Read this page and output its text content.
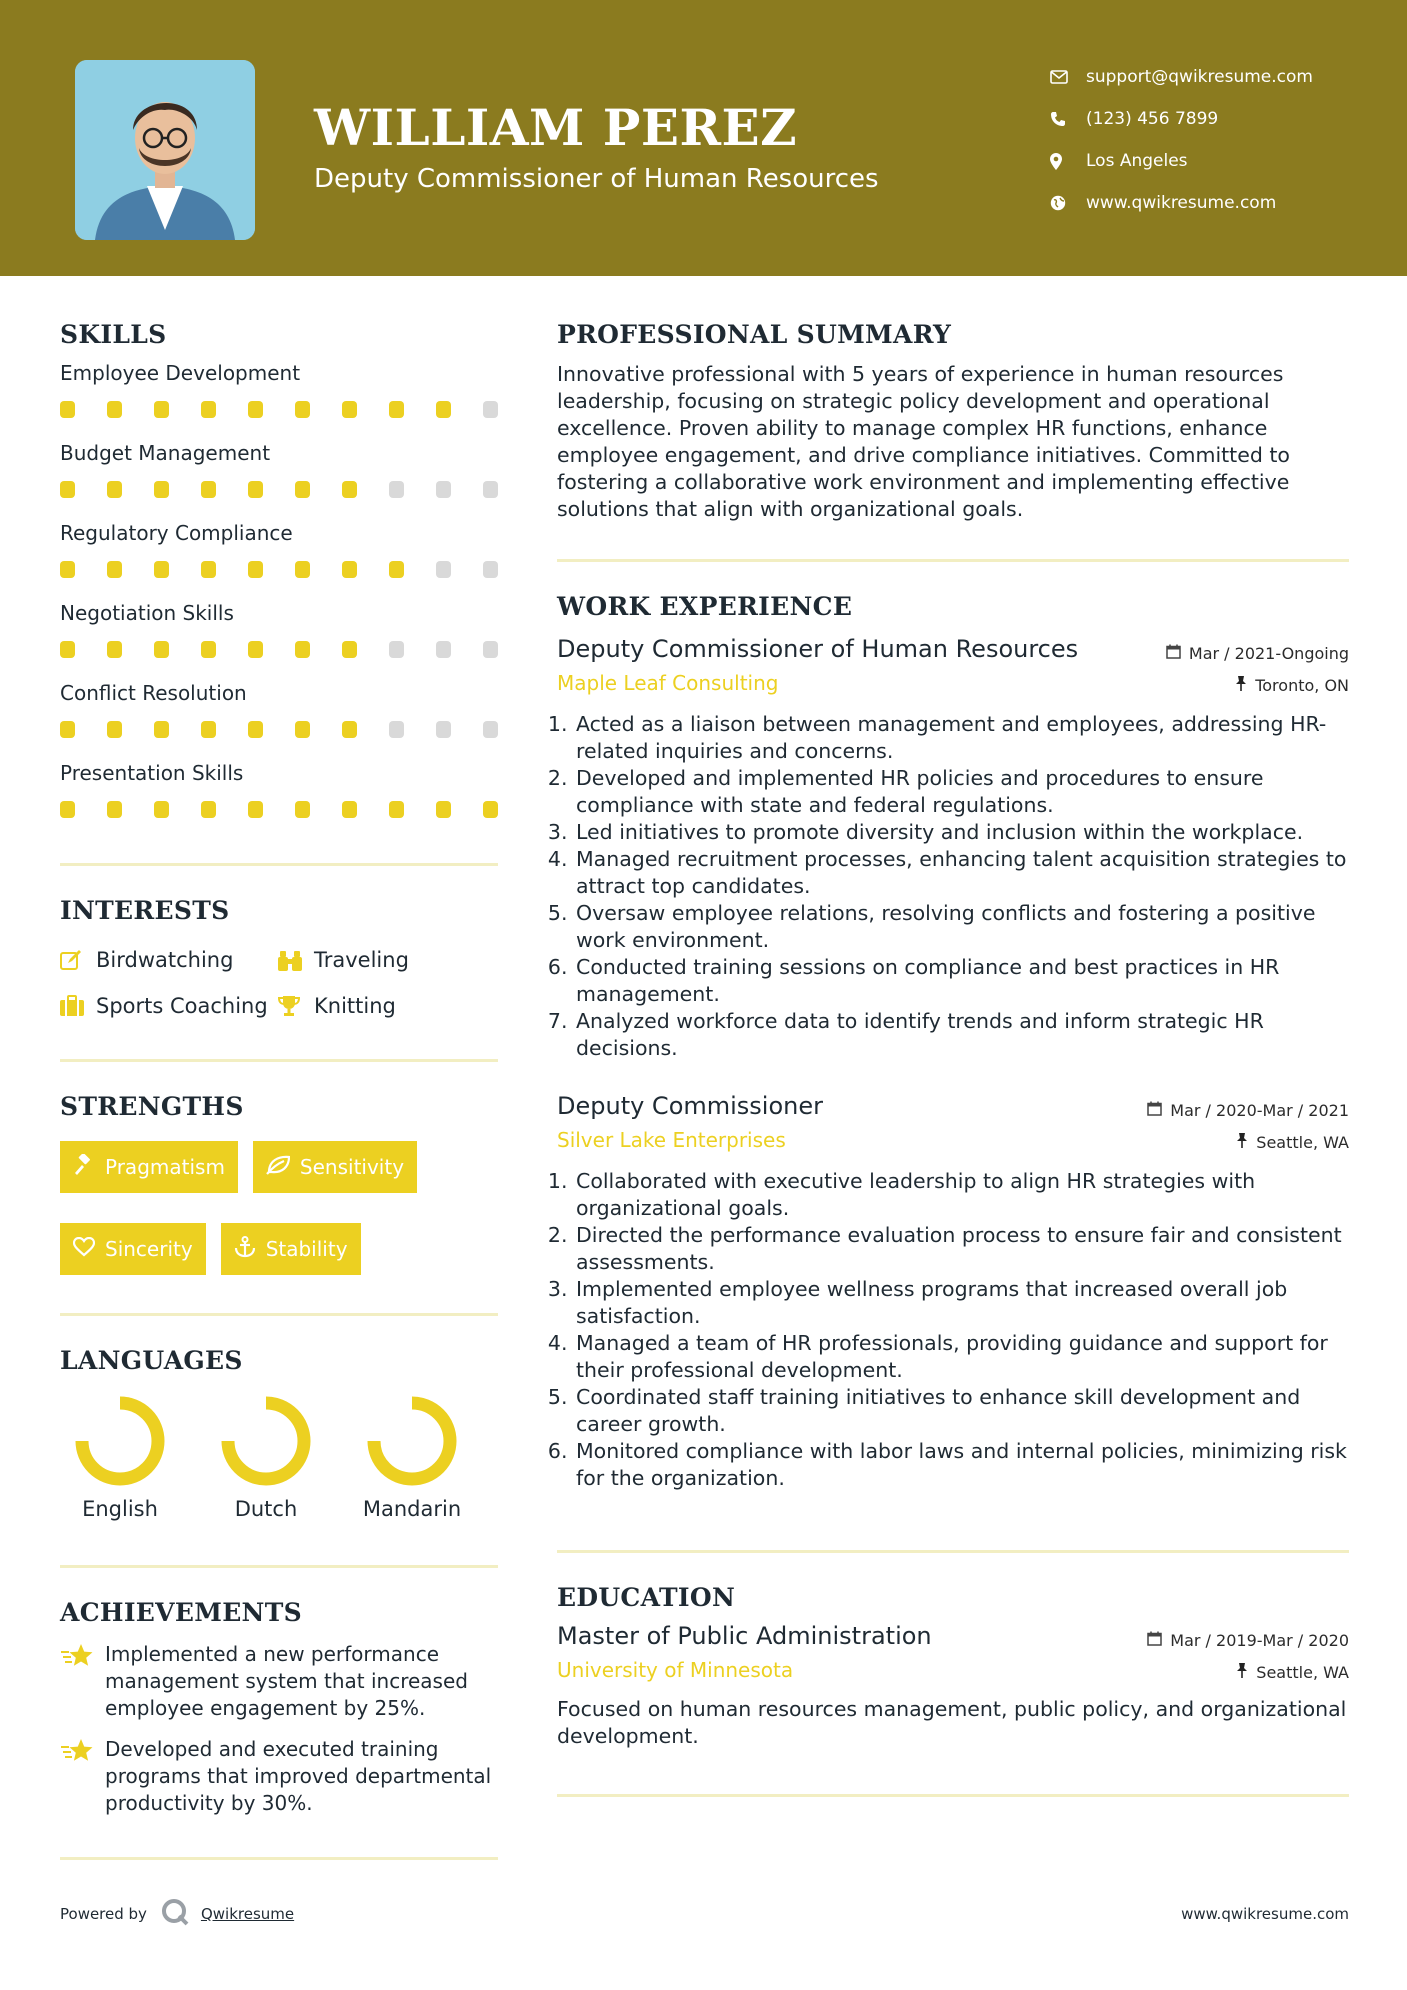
WILLIAM PEREZ
Deputy Commissioner of Human Resources
support@qwikresume.com
(123) 456 7899
Los Angeles
www.qwikresume.com
SKILLS
Employee Development
Budget Management
Regulatory Compliance
Negotiation Skills
Conflict Resolution
Presentation Skills
INTERESTS
Birdwatching	Traveling
Sports Coaching Knitting
STRENGTHS
Pragmatism	Sensitivity
Sincerity	Stability
LANGUAGES
English	Dutch	Mandarin
ACHIEVEMENTS
Implemented a new performance management system that increased employee engagement by 25%.
Developed and executed training programs that improved departmental productivity by 30%.
PROFESSIONAL SUMMARY
Innovative professional with 5 years of experience in human resources leadership, focusing on strategic policy development and operational excellence. Proven ability to manage complex HR functions, enhance employee engagement, and drive compliance initiatives. Committed to fostering a collaborative work environment and implementing effective solutions that align with organizational goals.
WORK EXPERIENCE
Deputy Commissioner of Human Resources	Mar / 2021-Ongoing
Maple Leaf Consulting	Toronto, ON
1. Acted as a liaison between management and employees, addressing HR-related inquiries and concerns.
2. Developed and implemented HR policies and procedures to ensure compliance with state and federal regulations.
3. Led initiatives to promote diversity and inclusion within the workplace.
4. Managed recruitment processes, enhancing talent acquisition strategies to attract top candidates.
5. Oversaw employee relations, resolving conflicts and fostering a positive work environment.
6. Conducted training sessions on compliance and best practices in HR management.
7. Analyzed workforce data to identify trends and inform strategic HR decisions.
Deputy Commissioner	Mar / 2020-Mar / 2021
Silver Lake Enterprises	Seattle, WA
1. Collaborated with executive leadership to align HR strategies with organizational goals.
2. Directed the performance evaluation process to ensure fair and consistent assessments.
3. Implemented employee wellness programs that increased overall job satisfaction.
4. Managed a team of HR professionals, providing guidance and support for their professional development.
5. Coordinated staff training initiatives to enhance skill development and career growth.
6. Monitored compliance with labor laws and internal policies, minimizing risk for the organization.
EDUCATION
Master of Public Administration	Mar / 2019-Mar / 2020
University of Minnesota	Seattle, WA
Focused on human resources management, public policy, and organizational development.
Powered by	Qwikresume	www.qwikresume.com
